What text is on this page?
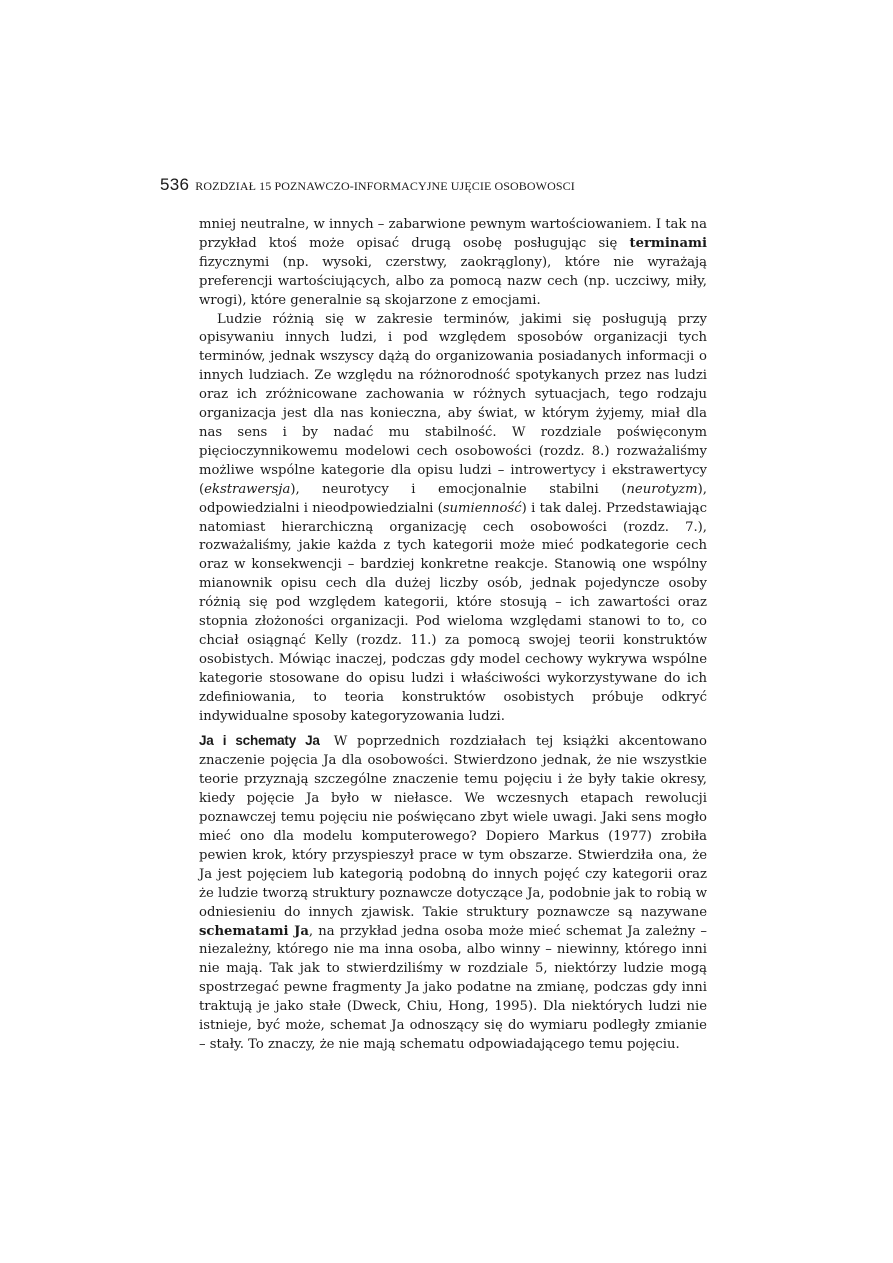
536 ROZDZIAŁ 15 POZNAWCZO-INFORMACYJNE UJĘCIE OSOBOWOSCI

mniej neutralne, w innych – zabarwione pewnym wartościowaniem. I tak na przykład ktoś może opisać drugą osobę posługując się terminami fizycznymi (np. wysoki, czerstwy, zaokrąglony), które nie wyrażają preferencji wartościujących, albo za pomocą nazw cech (np. uczciwy, miły, wrogi), które generalnie są skojarzone z emocjami.

Ludzie różnią się w zakresie terminów, jakimi się posługują przy opisywaniu innych ludzi, i pod względem sposobów organizacji tych terminów, jednak wszyscy dążą do organizowania posiadanych informacji o innych ludziach. Ze względu na różnorodność spotykanych przez nas ludzi oraz ich zróżnicowane zachowania w różnych sytuacjach, tego rodzaju organizacja jest dla nas konieczna, aby świat, w którym żyjemy, miał dla nas sens i by nadać mu stabilność. W rozdziale poświęconym pięcioczynnikowemu modelowi cech osobowości (rozdz. 8.) rozważaliśmy możliwe wspólne kategorie dla opisu ludzi – introwertycy i ekstrawertycy (ekstrawersja), neurotycy i emocjonalnie stabilni (neurotyzm), odpowiedzialni i nieodpowiedzialni (sumienność) i tak dalej. Przedstawiając natomiast hierarchiczną organizację cech osobowości (rozdz. 7.), rozważaliśmy, jakie każda z tych kategorii może mieć podkategorie cech oraz w konsekwencji – bardziej konkretne reakcje. Stanowią one wspólny mianownik opisu cech dla dużej liczby osób, jednak pojedyncze osoby różnią się pod względem kategorii, które stosują – ich zawartości oraz stopnia złożoności organizacji. Pod wieloma względami stanowi to to, co chciał osiągnąć Kelly (rozdz. 11.) za pomocą swojej teorii konstruktów osobistych. Mówiąc inaczej, podczas gdy model cechowy wykrywa wspólne kategorie stosowane do opisu ludzi i właściwości wykorzystywane do ich zdefiniowania, to teoria konstruktów osobistych próbuje odkryć indywidualne sposoby kategoryzowania ludzi.

Ja i schematy Ja W poprzednich rozdziałach tej książki akcentowano znaczenie pojęcia Ja dla osobowości. Stwierdzono jednak, że nie wszystkie teorie przyznają szczególne znaczenie temu pojęciu i że były takie okresy, kiedy pojęcie Ja było w niełasce. We wczesnych etapach rewolucji poznawczej temu pojęciu nie poświęcano zbyt wiele uwagi. Jaki sens mogło mieć ono dla modelu komputerowego? Dopiero Markus (1977) zrobiła pewien krok, który przyspieszył prace w tym obszarze. Stwierdziła ona, że Ja jest pojęciem lub kategorią podobną do innych pojęć czy kategorii oraz że ludzie tworzą struktury poznawcze dotyczące Ja, podobnie jak to robią w odniesieniu do innych zjawisk. Takie struktury poznawcze są nazywane schematami Ja, na przykład jedna osoba może mieć schemat Ja zależny – niezależny, którego nie ma inna osoba, albo winny – niewinny, którego inni nie mają. Tak jak to stwierdziliśmy w rozdziale 5, niektórzy ludzie mogą spostrzegać pewne fragmenty Ja jako podatne na zmianę, podczas gdy inni traktują je jako stałe (Dweck, Chiu, Hong, 1995). Dla niektórych ludzi nie istnieje, być może, schemat Ja odnoszący się do wymiaru podległy zmianie – stały. To znaczy, że nie mają schematu odpowiadającego temu pojęciu.
